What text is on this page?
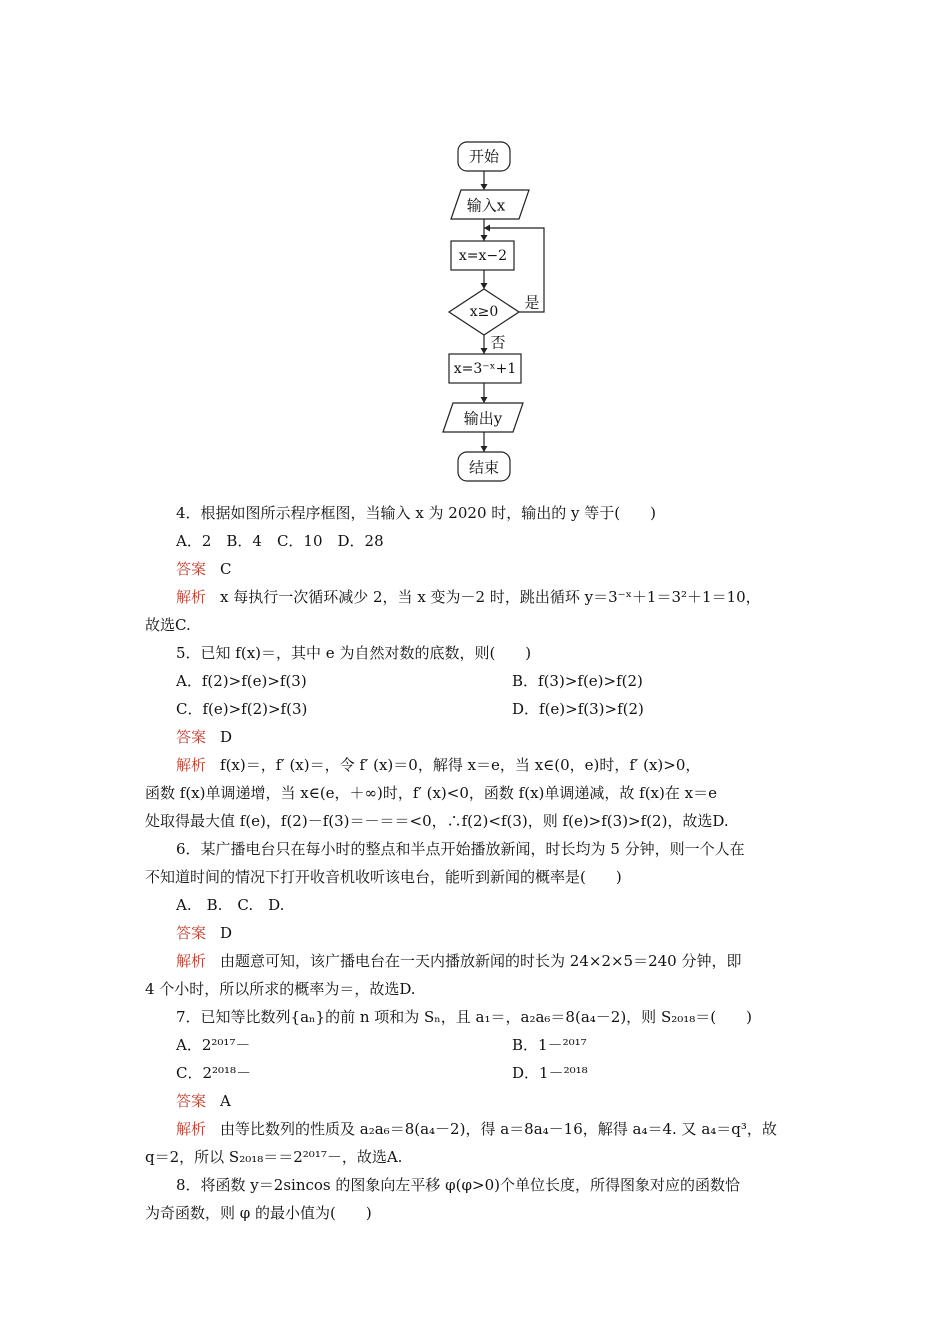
开始
输入x
x=x−2
x≥0
是
否
x=3⁻ˣ+1
输出y
结束
4．根据如图所示程序框图，当输入 x 为 2020 时，输出的 y 等于(　　)
A．2　B．4　C．10　D．28
答案 C
解析 x 每执行一次循环减少 2，当 x 变为－2 时，跳出循环 y＝3⁻ˣ＋1＝3²＋1＝10，
故选C.
5．已知 f(x)＝，其中 e 为自然对数的底数，则(　　)
A．f(2)>f(e)>f(3)	B．f(3)>f(e)>f(2)
C．f(e)>f(2)>f(3)	D．f(e)>f(3)>f(2)
答案 D
解析 f(x)＝，f′ (x)＝，令 f′ (x)＝0，解得 x＝e，当 x∈(0，e)时，f′ (x)>0，
函数 f(x)单调递增，当 x∈(e，＋∞)时，f′ (x)<0，函数 f(x)单调递减，故 f(x)在 x＝e
处取得最大值 f(e)，f(2)－f(3)＝－＝＝<0，∴f(2)<f(3)，则 f(e)>f(3)>f(2)，故选D.
6．某广播电台只在每小时的整点和半点开始播放新闻，时长均为 5 分钟，则一个人在
不知道时间的情况下打开收音机收听该电台，能听到新闻的概率是(　　)
A.　B.　C.　D.
答案 D
解析 由题意可知，该广播电台在一天内播放新闻的时长为 24×2×5＝240 分钟，即
4 个小时，所以所求的概率为＝，故选D.
7．已知等比数列{aₙ}的前 n 项和为 Sₙ，且 a₁＝，a₂a₆＝8(a₄－2)，则 S₂₀₁₈＝(　　)
A．2²⁰¹⁷－	B．1－²⁰¹⁷
C．2²⁰¹⁸－	D．1－²⁰¹⁸
答案 A
解析 由等比数列的性质及 a₂a₆＝8(a₄－2)，得 a＝8a₄－16，解得 a₄＝4. 又 a₄＝q³，故
q＝2，所以 S₂₀₁₈＝＝2²⁰¹⁷－，故选A.
8．将函数 y＝2sincos 的图象向左平移 φ(φ>0)个单位长度，所得图象对应的函数恰
为奇函数，则 φ 的最小值为(　　)
